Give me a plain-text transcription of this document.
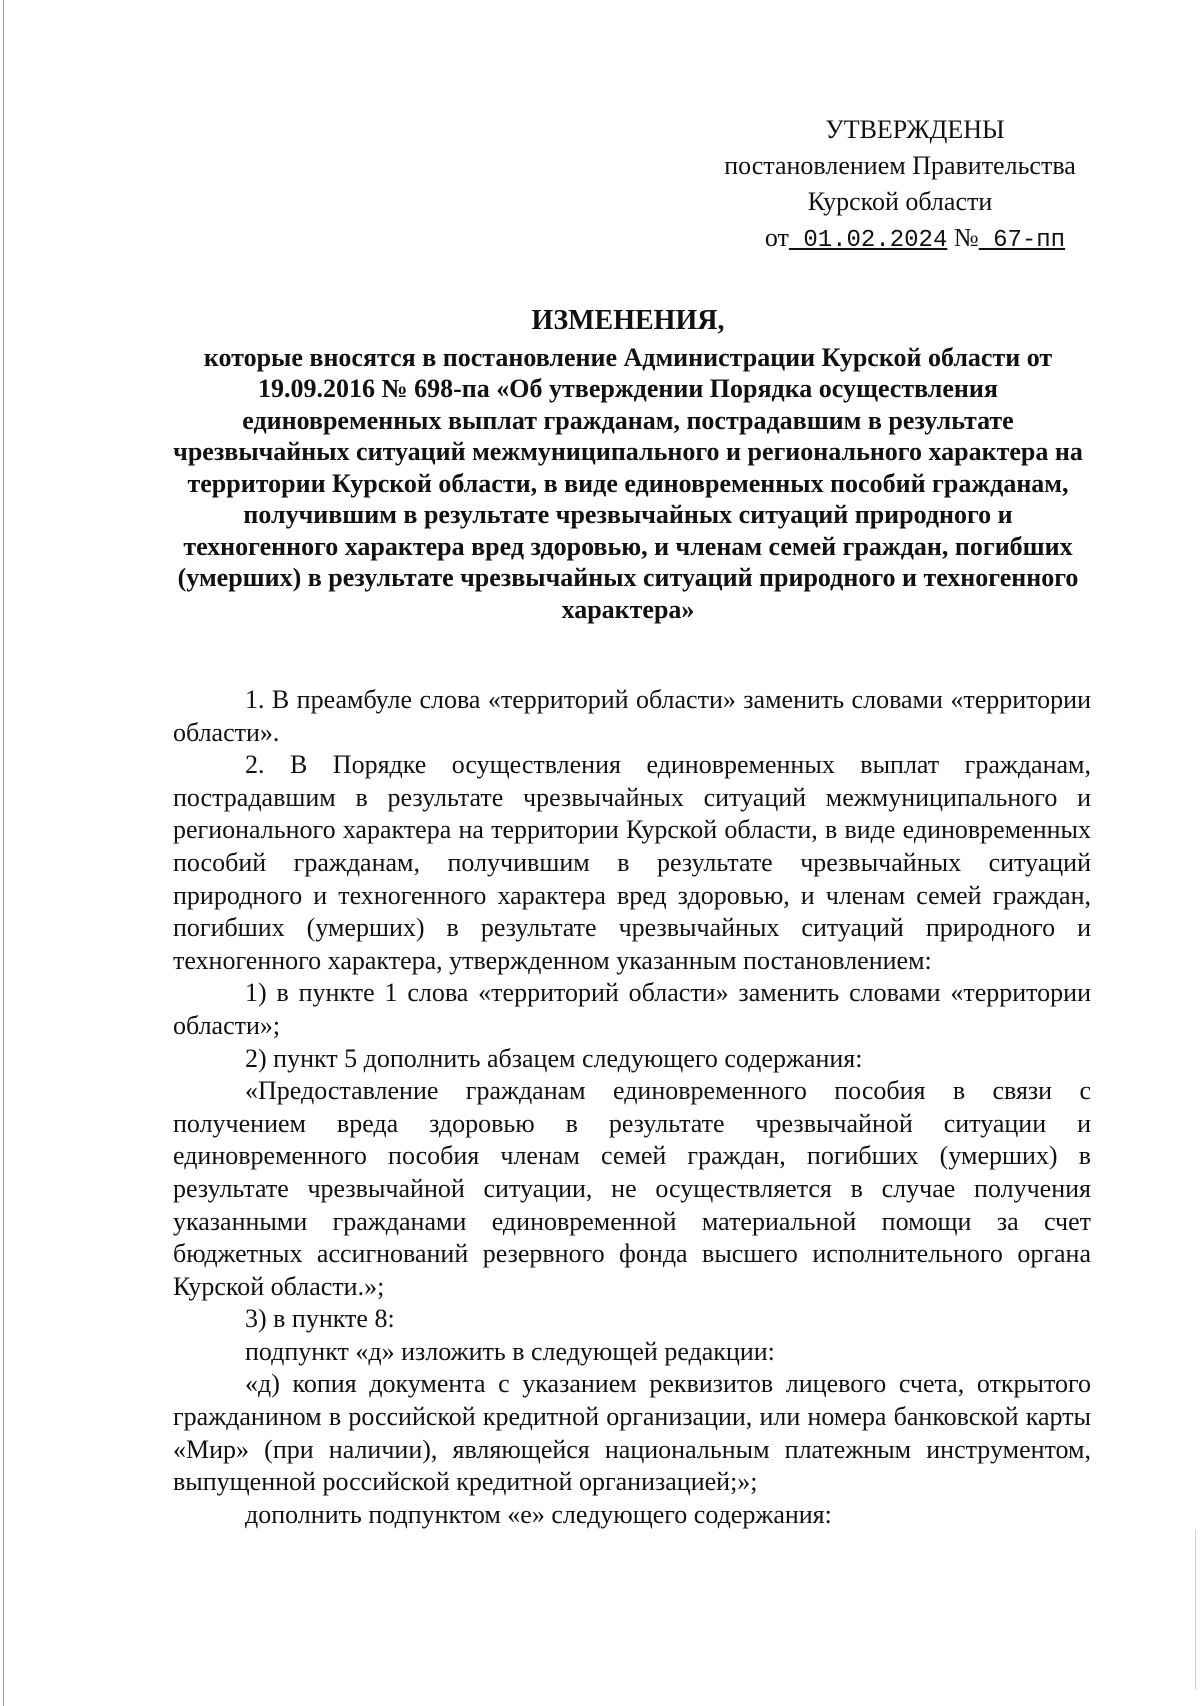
УТВЕРЖДЕНЫ
постановлением Правительства
Курской области
от 01.02.2024 № 67-пп
ИЗМЕНЕНИЯ,
которые вносятся в постановление Администрации Курской области от 19.09.2016 № 698-па «Об утверждении Порядка осуществления единовременных выплат гражданам, пострадавшим в результате чрезвычайных ситуаций межмуниципального и регионального характера на территории Курской области, в виде единовременных пособий гражданам, получившим в результате чрезвычайных ситуаций природного и техногенного характера вред здоровью, и членам семей граждан, погибших (умерших) в результате чрезвычайных ситуаций природного и техногенного характера»

1. В преамбуле слова «территорий области» заменить словами «территории области».

2. В Порядке осуществления единовременных выплат гражданам, пострадавшим в результате чрезвычайных ситуаций межмуниципального и регионального характера на территории Курской области, в виде единовременных пособий гражданам, получившим в результате чрезвычайных ситуаций природного и техногенного характера вред здоровью, и членам семей граждан, погибших (умерших) в результате чрезвычайных ситуаций природного и техногенного характера, утвержденном указанным постановлением:

1) в пункте 1 слова «территорий области» заменить словами «территории области»;

2) пункт 5 дополнить абзацем следующего содержания:

«Предоставление гражданам единовременного пособия в связи с получением вреда здоровью в результате чрезвычайной ситуации и единовременного пособия членам семей граждан, погибших (умерших) в результате чрезвычайной ситуации, не осуществляется в случае получения указанными гражданами единовременной материальной помощи за счет бюджетных ассигнований резервного фонда высшего исполнительного органа Курской области.»;

3) в пункте 8:

подпункт «д» изложить в следующей редакции:

«д) копия документа с указанием реквизитов лицевого счета, открытого гражданином в российской кредитной организации, или номера банковской карты «Мир» (при наличии), являющейся национальным платежным инструментом, выпущенной российской кредитной организацией;»;

дополнить подпунктом «е» следующего содержания:
